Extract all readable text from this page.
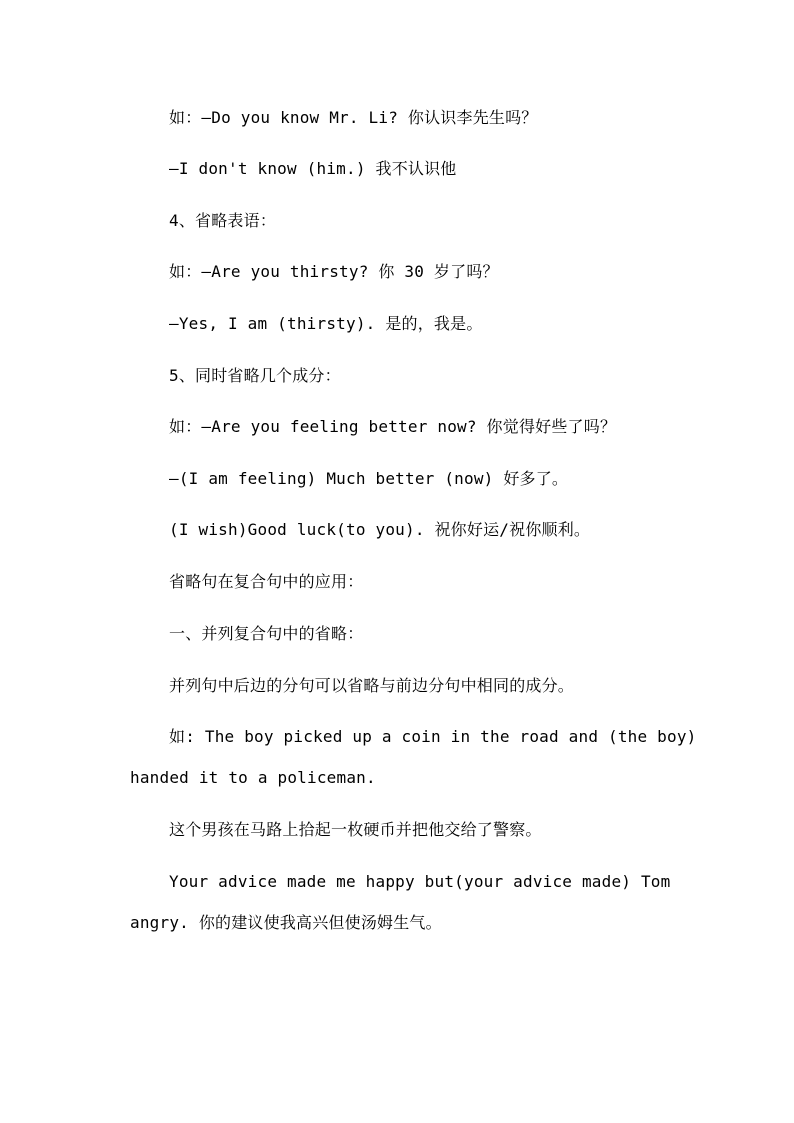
如：—Do you know Mr. Li? 你认识李先生吗？
—I don't know (him.) 我不认识他
4、省略表语：
如：—Are you thirsty? 你 30 岁了吗？
—Yes, I am (thirsty). 是的，我是。
5、同时省略几个成分：
如：—Are you feeling better now? 你觉得好些了吗？
—(I am feeling) Much better (now) 好多了。
(I wish)Good luck(to you). 祝你好运/祝你顺利。
省略句在复合句中的应用：
一、并列复合句中的省略：
并列句中后边的分句可以省略与前边分句中相同的成分。
如: The boy picked up a coin in the road and (the boy)
handed it to a policeman.
这个男孩在马路上拾起一枚硬币并把他交给了警察。
Your advice made me happy but(your advice made) Tom
angry. 你的建议使我高兴但使汤姆生气。
